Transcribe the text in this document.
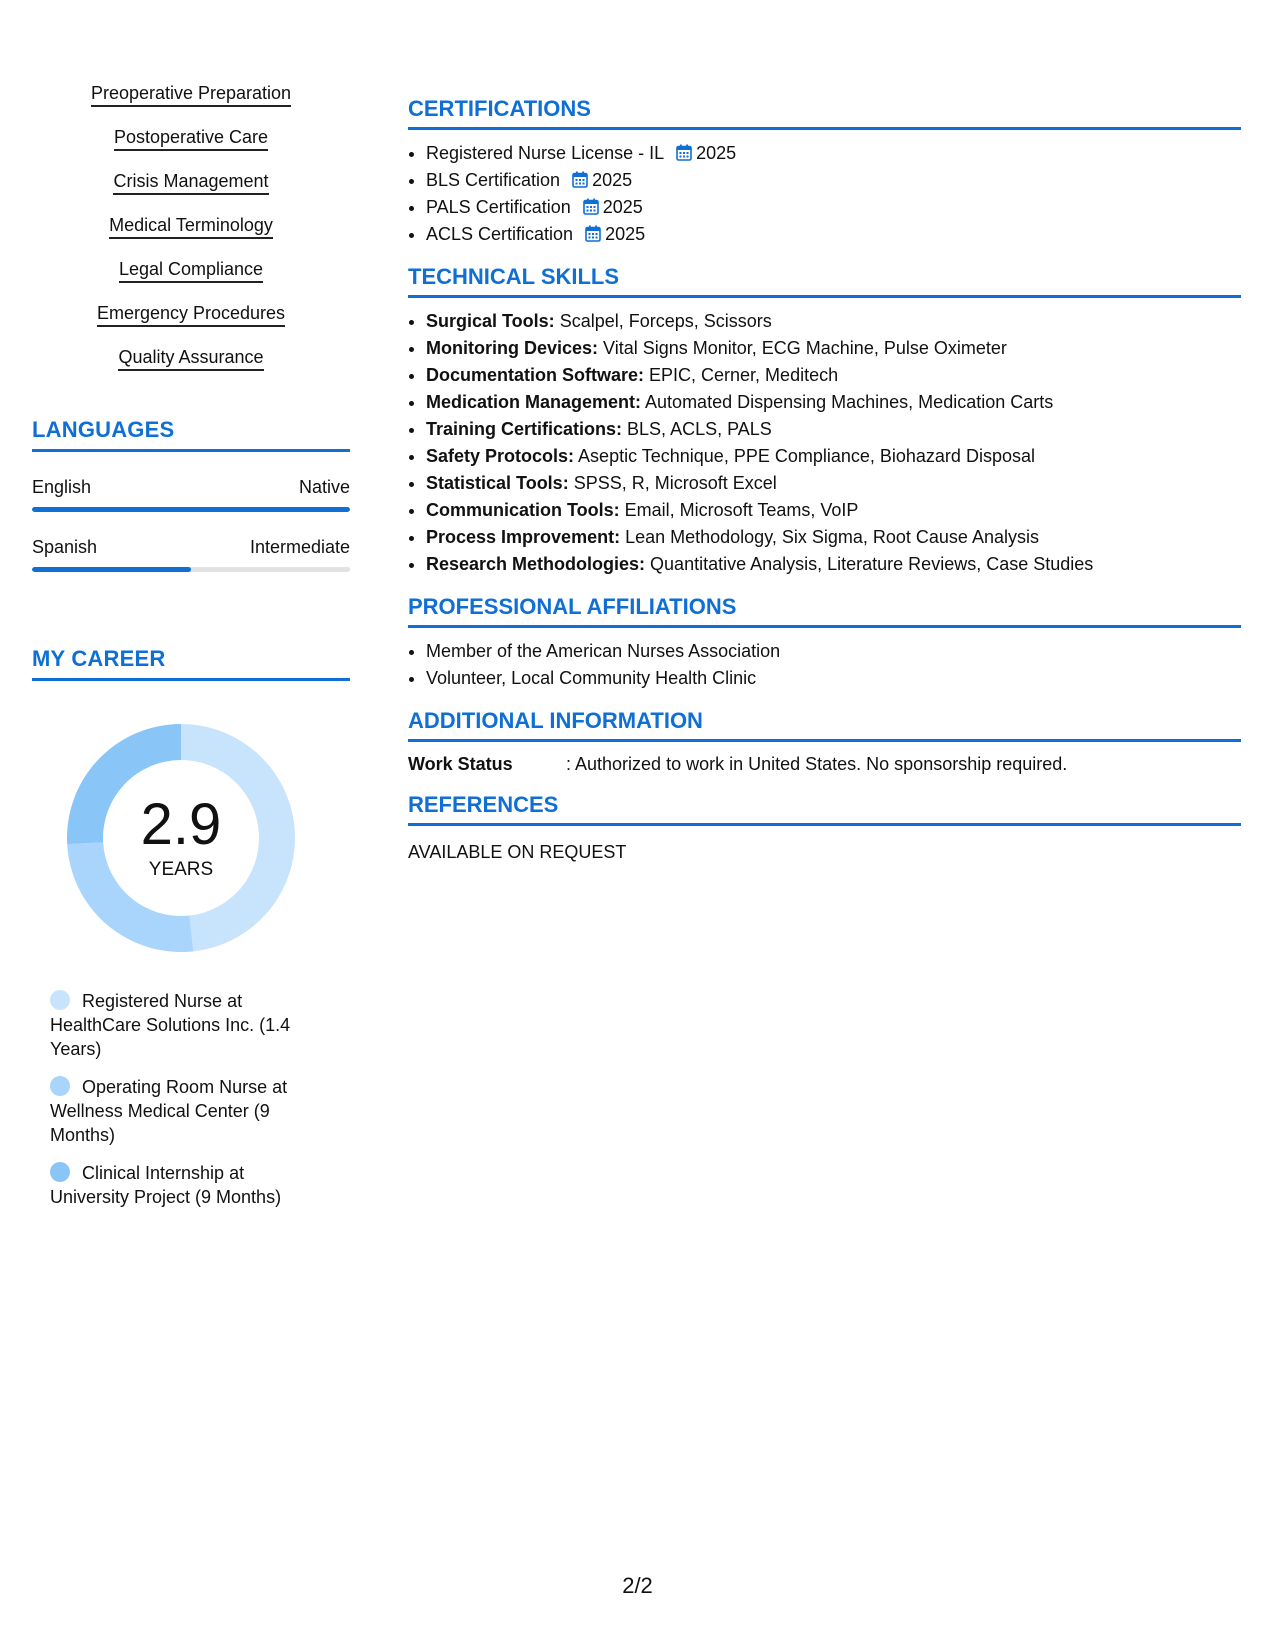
Preoperative Preparation
Postoperative Care
Crisis Management
Medical Terminology
Legal Compliance
Emergency Procedures
Quality Assurance
LANGUAGES
English	Native
Spanish	Intermediate
MY CAREER
2.9
YEARS
Registered Nurse at HealthCare Solutions Inc. (1.4 Years)
Operating Room Nurse at Wellness Medical Center (9 Months)
Clinical Internship at University Project (9 Months)
CERTIFICATIONS
• Registered Nurse License - IL 2025
• BLS Certification 2025
• PALS Certification 2025
• ACLS Certification 2025
TECHNICAL SKILLS
• Surgical Tools: Scalpel, Forceps, Scissors
• Monitoring Devices: Vital Signs Monitor, ECG Machine, Pulse Oximeter
• Documentation Software: EPIC, Cerner, Meditech
• Medication Management: Automated Dispensing Machines, Medication Carts
• Training Certifications: BLS, ACLS, PALS
• Safety Protocols: Aseptic Technique, PPE Compliance, Biohazard Disposal
• Statistical Tools: SPSS, R, Microsoft Excel
• Communication Tools: Email, Microsoft Teams, VoIP
• Process Improvement: Lean Methodology, Six Sigma, Root Cause Analysis
• Research Methodologies: Quantitative Analysis, Literature Reviews, Case Studies
PROFESSIONAL AFFILIATIONS
• Member of the American Nurses Association
• Volunteer, Local Community Health Clinic
ADDITIONAL INFORMATION
Work Status	: Authorized to work in United States. No sponsorship required.
REFERENCES
AVAILABLE ON REQUEST
2/2
